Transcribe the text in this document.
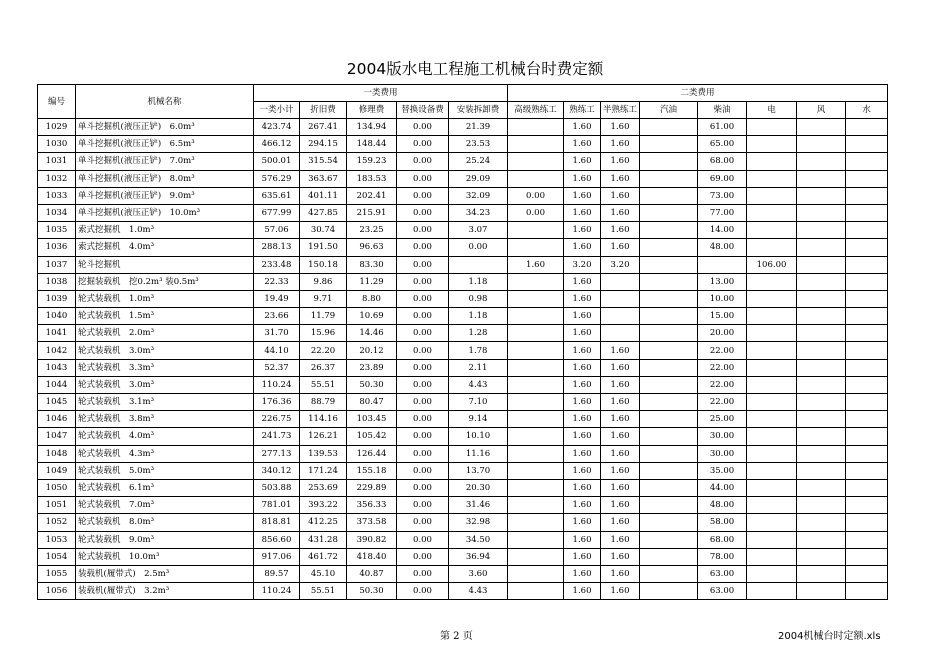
2004版水电工程施工机械台时费定额
编号	机械名称	一类费用					二类费用							
		一类小计	折旧费	修理费	替换设备费	安装拆卸费	高级熟练工	熟练工	半熟练工	汽油	柴油	电	风	水
1029	单斗挖掘机(液压正铲)　6.0m³	423.74	267.41	134.94	0.00	21.39		1.60	1.60		61.00			
1030	单斗挖掘机(液压正铲)　6.5m³	466.12	294.15	148.44	0.00	23.53		1.60	1.60		65.00			
1031	单斗挖掘机(液压正铲)　7.0m³	500.01	315.54	159.23	0.00	25.24		1.60	1.60		68.00			
1032	单斗挖掘机(液压正铲)　8.0m³	576.29	363.67	183.53	0.00	29.09		1.60	1.60		69.00			
1033	单斗挖掘机(液压正铲)　9.0m³	635.61	401.11	202.41	0.00	32.09	0.00	1.60	1.60		73.00			
1034	单斗挖掘机(液压正铲)　10.0m³	677.99	427.85	215.91	0.00	34.23	0.00	1.60	1.60		77.00			
1035	索式挖掘机　1.0m³	57.06	30.74	23.25	0.00	3.07		1.60	1.60		14.00			
1036	索式挖掘机　4.0m³	288.13	191.50	96.63	0.00	0.00		1.60	1.60		48.00			
1037	轮斗挖掘机	233.48	150.18	83.30	0.00		1.60	3.20	3.20			106.00		
1038	挖掘装载机　挖0.2m³ 装0.5m³	22.33	9.86	11.29	0.00	1.18		1.60			13.00			
1039	轮式装载机　1.0m³	19.49	9.71	8.80	0.00	0.98		1.60			10.00			
1040	轮式装载机　1.5m³	23.66	11.79	10.69	0.00	1.18		1.60			15.00			
1041	轮式装载机　2.0m³	31.70	15.96	14.46	0.00	1.28		1.60			20.00			
1042	轮式装载机　3.0m³	44.10	22.20	20.12	0.00	1.78		1.60	1.60		22.00			
1043	轮式装载机　3.3m³	52.37	26.37	23.89	0.00	2.11		1.60	1.60		22.00			
1044	轮式装载机　3.0m³	110.24	55.51	50.30	0.00	4.43		1.60	1.60		22.00			
1045	轮式装载机　3.1m³	176.36	88.79	80.47	0.00	7.10		1.60	1.60		22.00			
1046	轮式装载机　3.8m³	226.75	114.16	103.45	0.00	9.14		1.60	1.60		25.00			
1047	轮式装载机　4.0m³	241.73	126.21	105.42	0.00	10.10		1.60	1.60		30.00			
1048	轮式装载机　4.3m³	277.13	139.53	126.44	0.00	11.16		1.60	1.60		30.00			
1049	轮式装载机　5.0m³	340.12	171.24	155.18	0.00	13.70		1.60	1.60		35.00			
1050	轮式装载机　6.1m³	503.88	253.69	229.89	0.00	20.30		1.60	1.60		44.00			
1051	轮式装载机　7.0m³	781.01	393.22	356.33	0.00	31.46		1.60	1.60		48.00			
1052	轮式装载机　8.0m³	818.81	412.25	373.58	0.00	32.98		1.60	1.60		58.00			
1053	轮式装载机　9.0m³	856.60	431.28	390.82	0.00	34.50		1.60	1.60		68.00			
1054	轮式装载机　10.0m³	917.06	461.72	418.40	0.00	36.94		1.60	1.60		78.00			
1055	装载机(履带式)　2.5m³	89.57	45.10	40.87	0.00	3.60		1.60	1.60		63.00			
1056	装载机(履带式)　3.2m³	110.24	55.51	50.30	0.00	4.43		1.60	1.60		63.00			
第 2 页	2004机械台时定额.xls
